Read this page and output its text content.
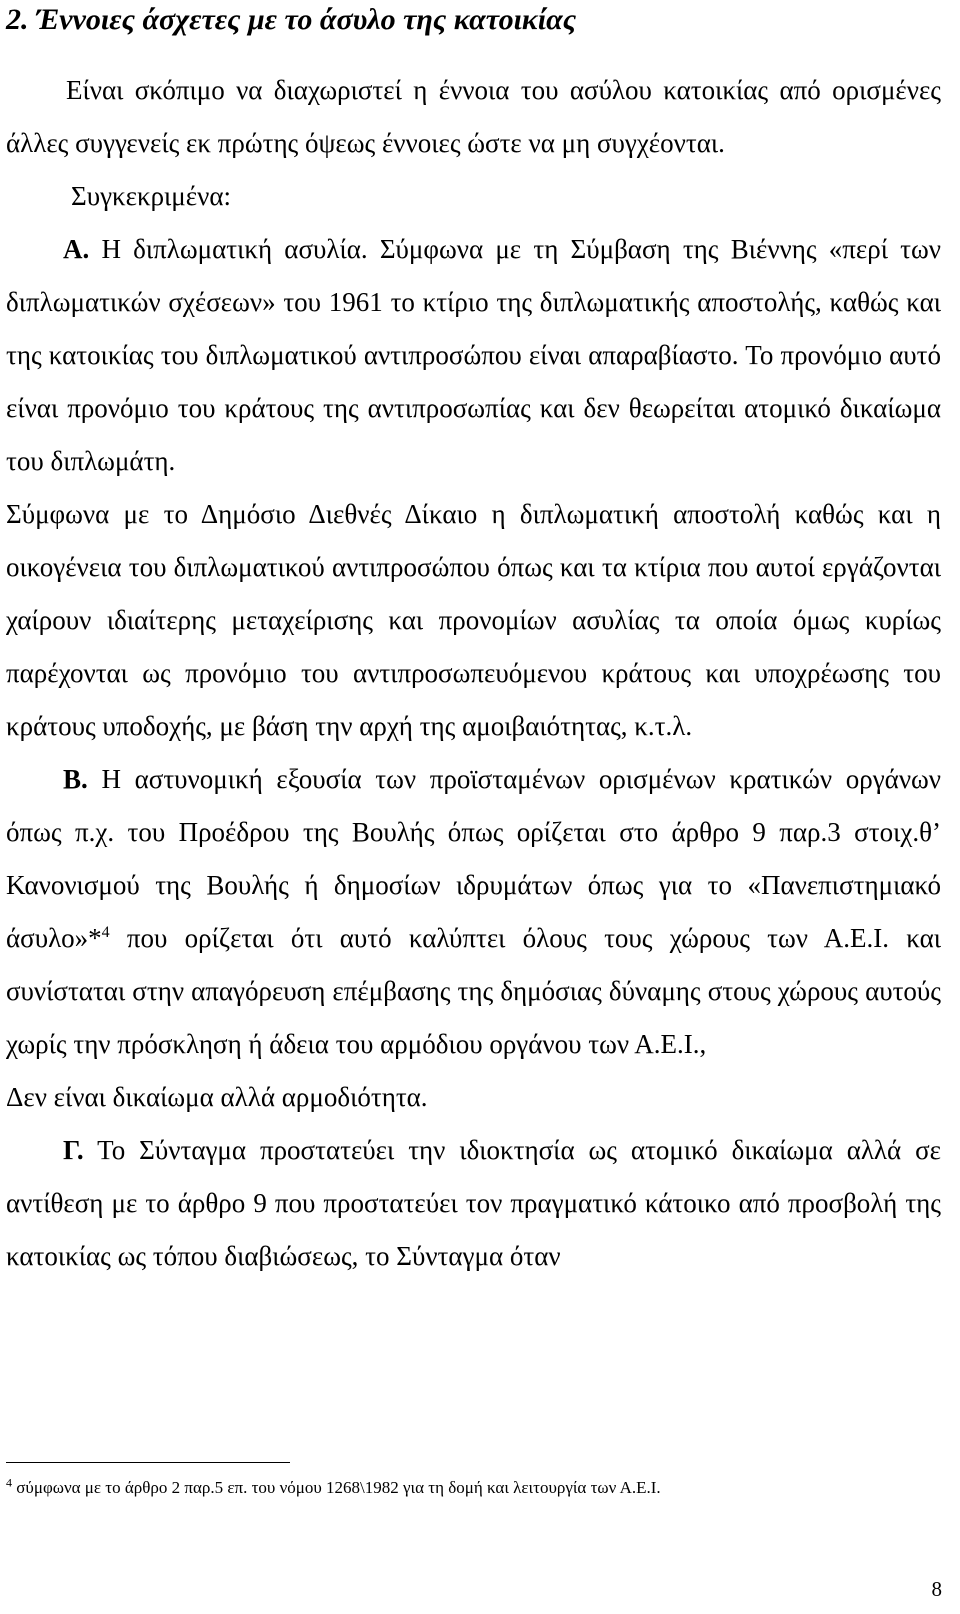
2. Έννοιες άσχετες με το άσυλο της κατοικίας

Είναι σκόπιμο να διαχωριστεί η έννοια του ασύλου κατοικίας από ορισμένες άλλες συγγενείς εκ πρώτης όψεως έννοιες ώστε να μη συγχέονται.

Συγκεκριμένα:

Α. Η διπλωματική ασυλία. Σύμφωνα με τη Σύμβαση της Βιέννης «περί των διπλωματικών σχέσεων» του 1961 το κτίριο της διπλωματικής αποστολής, καθώς και της κατοικίας του διπλωματικού αντιπροσώπου είναι απαραβίαστο. Το προνόμιο αυτό είναι προνόμιο του κράτους της αντιπροσωπίας και δεν θεωρείται ατομικό δικαίωμα του διπλωμάτη.

Σύμφωνα με το Δημόσιο Διεθνές Δίκαιο η διπλωματική αποστολή καθώς και η οικογένεια του διπλωματικού αντιπροσώπου όπως και τα κτίρια που αυτοί εργάζονται χαίρουν ιδιαίτερης μεταχείρισης και προνομίων ασυλίας τα οποία όμως κυρίως παρέχονται ως προνόμιο του αντιπροσωπευόμενου κράτους και υποχρέωσης του κράτους υποδοχής, με βάση την αρχή της αμοιβαιότητας, κ.τ.λ.

Β. Η αστυνομική εξουσία των προϊσταμένων ορισμένων κρατικών οργάνων όπως π.χ. του Προέδρου της Βουλής όπως ορίζεται στο άρθρο 9 παρ.3 στοιχ.θ’ Κανονισμού της Βουλής ή δημοσίων ιδρυμάτων όπως για το «Πανεπιστημιακό άσυλο»*$^4$ που ορίζεται ότι αυτό καλύπτει όλους τους χώρους των Α.Ε.Ι. και συνίσταται στην απαγόρευση επέμβασης της δημόσιας δύναμης στους χώρους αυτούς χωρίς την πρόσκληση ή άδεια του αρμόδιου οργάνου των Α.Ε.Ι.,

Δεν είναι δικαίωμα αλλά αρμοδιότητα.

Γ. Το Σύνταγμα προστατεύει την ιδιοκτησία ως ατομικό δικαίωμα αλλά σε αντίθεση με το άρθρο 9 που προστατεύει τον πραγματικό κάτοικο από προσβολή της κατοικίας ως τόπου διαβιώσεως, το Σύνταγμα όταν

$^4$ σύμφωνα με το άρθρο 2 παρ.5 επ. του νόμου 1268\1982 για τη δομή και λειτουργία των Α.Ε.Ι.
8
